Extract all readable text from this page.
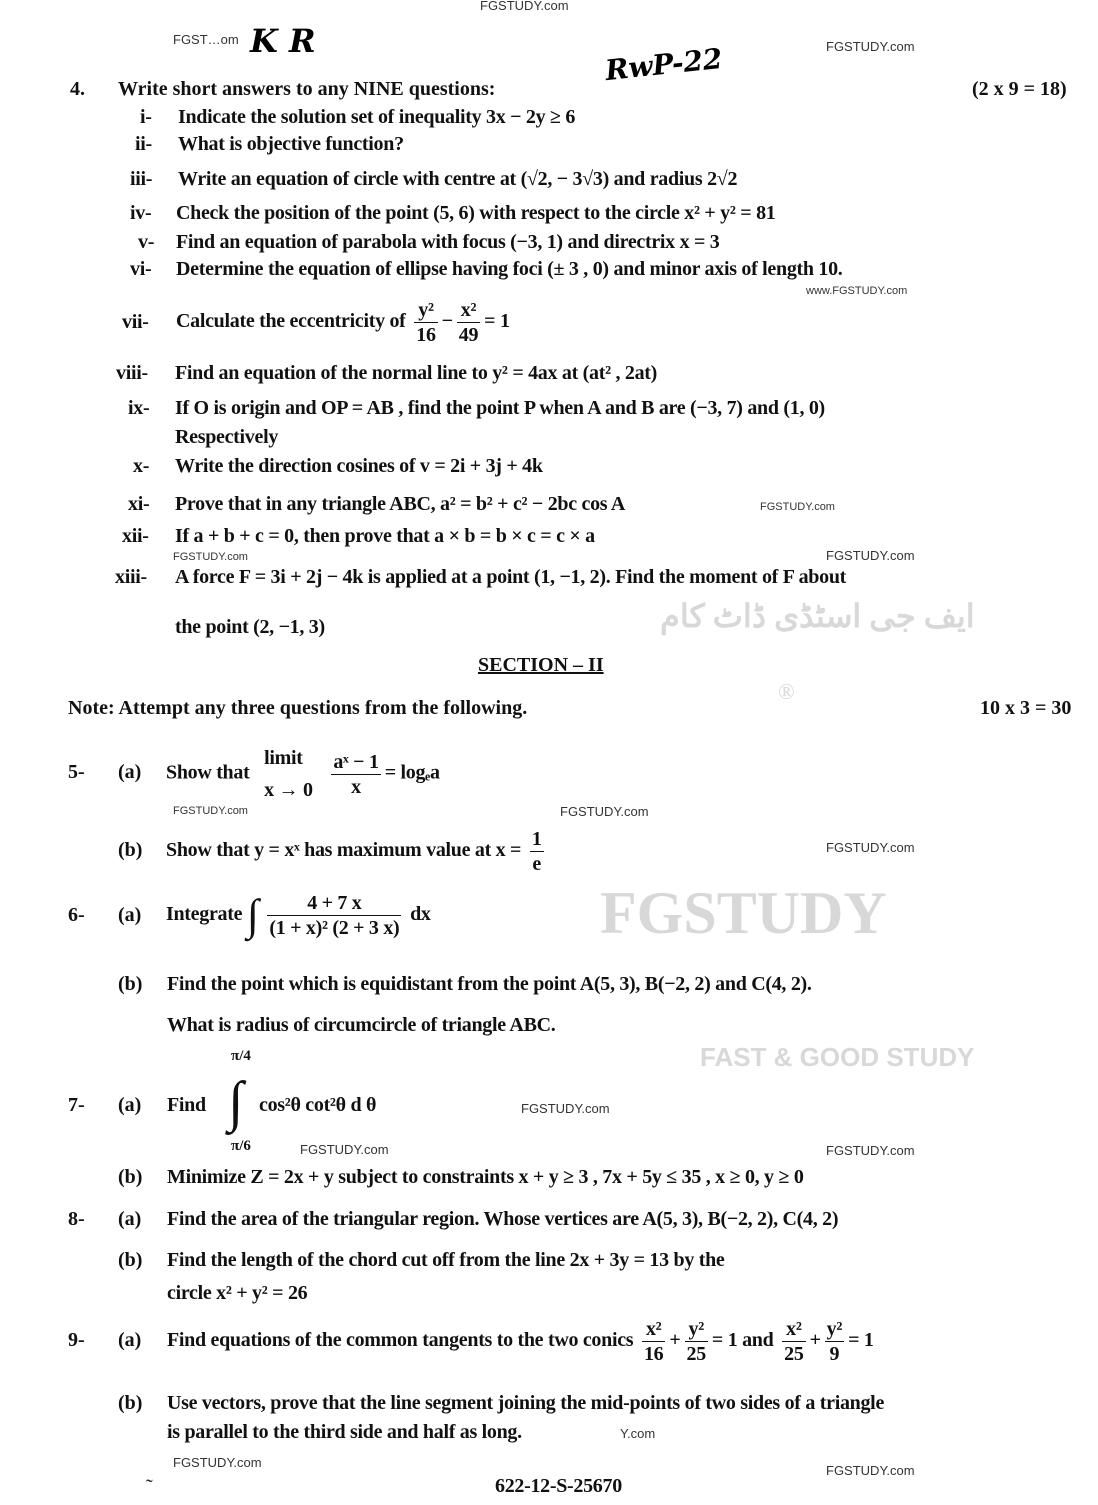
FGSTUDY
FAST & GOOD STUDY
ایف جی اسٹڈی ڈاٹ کام
®
FGSTUDY.com
FGST…om	FGSTUDY.com
www.FGSTUDY.com
FGSTUDY.com
FGSTUDY.com	FGSTUDY.com
FGSTUDY.com
FGSTUDY.com
FGSTUDY.com
FGSTUDY.com
FGSTUDY.com	FGSTUDY.com
Y.com
FGSTUDY.com
FGSTUDY.com
K R
RwP-22
4. Write short answers to any NINE questions:	(2 x 9 = 18)
i- Indicate the solution set of inequality 3x − 2y ≥ 6
ii- What is objective function?
iii- Write an equation of circle with centre at (√2, − 3√3) and radius 2√2
iv- Check the position of the point (5, 6) with respect to the circle x² + y² = 81
v- Find an equation of parabola with focus (−3, 1) and directrix x = 3
vi- Determine the equation of ellipse having foci (± 3 , 0) and minor axis of length 10.
vii- Calculate the eccentricity of $\frac{\text{y²}}{16} - \frac{\text{x²}}{49} = 1$
viii- Find an equation of the normal line to y² = 4ax at (at² , 2at)
ix- If O is origin and OP = AB , find the point P when A and B are (−3, 7) and (1, 0)
Respectively
x- Write the direction cosines of v = 2i + 3j + 4k
xi- Prove that in any triangle ABC, a² = b² + c² − 2bc cos A
xii- If a + b + c = 0, then prove that a × b = b × c = c × a
xiii- A force F = 3i + 2j − 4k is applied at a point (1, −1, 2). Find the moment of F about
the point (2, −1, 3)
SECTION – II
Note: Attempt any three questions from the following.	10 x 3 = 30
5- (a) Show that
limit
x → 0
$\frac{\text{aˣ − 1}}{x} = \log_ea$
(b) Show that y = xˣ has maximum value at $x = \frac{1}{e}$
6- (a) Integrate ∫ $\frac{4 + 7 x}{\text{(1 + x)² (2 + 3 x)}}$ dx
(b) Find the point which is equidistant from the point A(5, 3), B(−2, 2) and C(4, 2).
What is radius of circumcircle of triangle ABC.
7- (a) Find
π/4
∫
π/6
cos²θ cot²θ d θ
(b) Minimize Z = 2x + y subject to constraints x + y ≥ 3 , 7x + 5y ≤ 35 , x ≥ 0, y ≥ 0
8- (a) Find the area of the triangular region. Whose vertices are A(5, 3), B(−2, 2), C(4, 2)
(b) Find the length of the chord cut off from the line 2x + 3y = 13 by the
circle x² + y² = 26
9- (a) Find equations of the common tangents to the two conics $\frac{\text{x²}}{16} + \frac{\text{y²}}{25} = 1$ and $\frac{\text{x²}}{25} + \frac{\text{y²}}{9} = 1$
(b) Use vectors, prove that the line segment joining the mid-points of two sides of a triangle
is parallel to the third side and half as long.
˜	622-12-S-25670
